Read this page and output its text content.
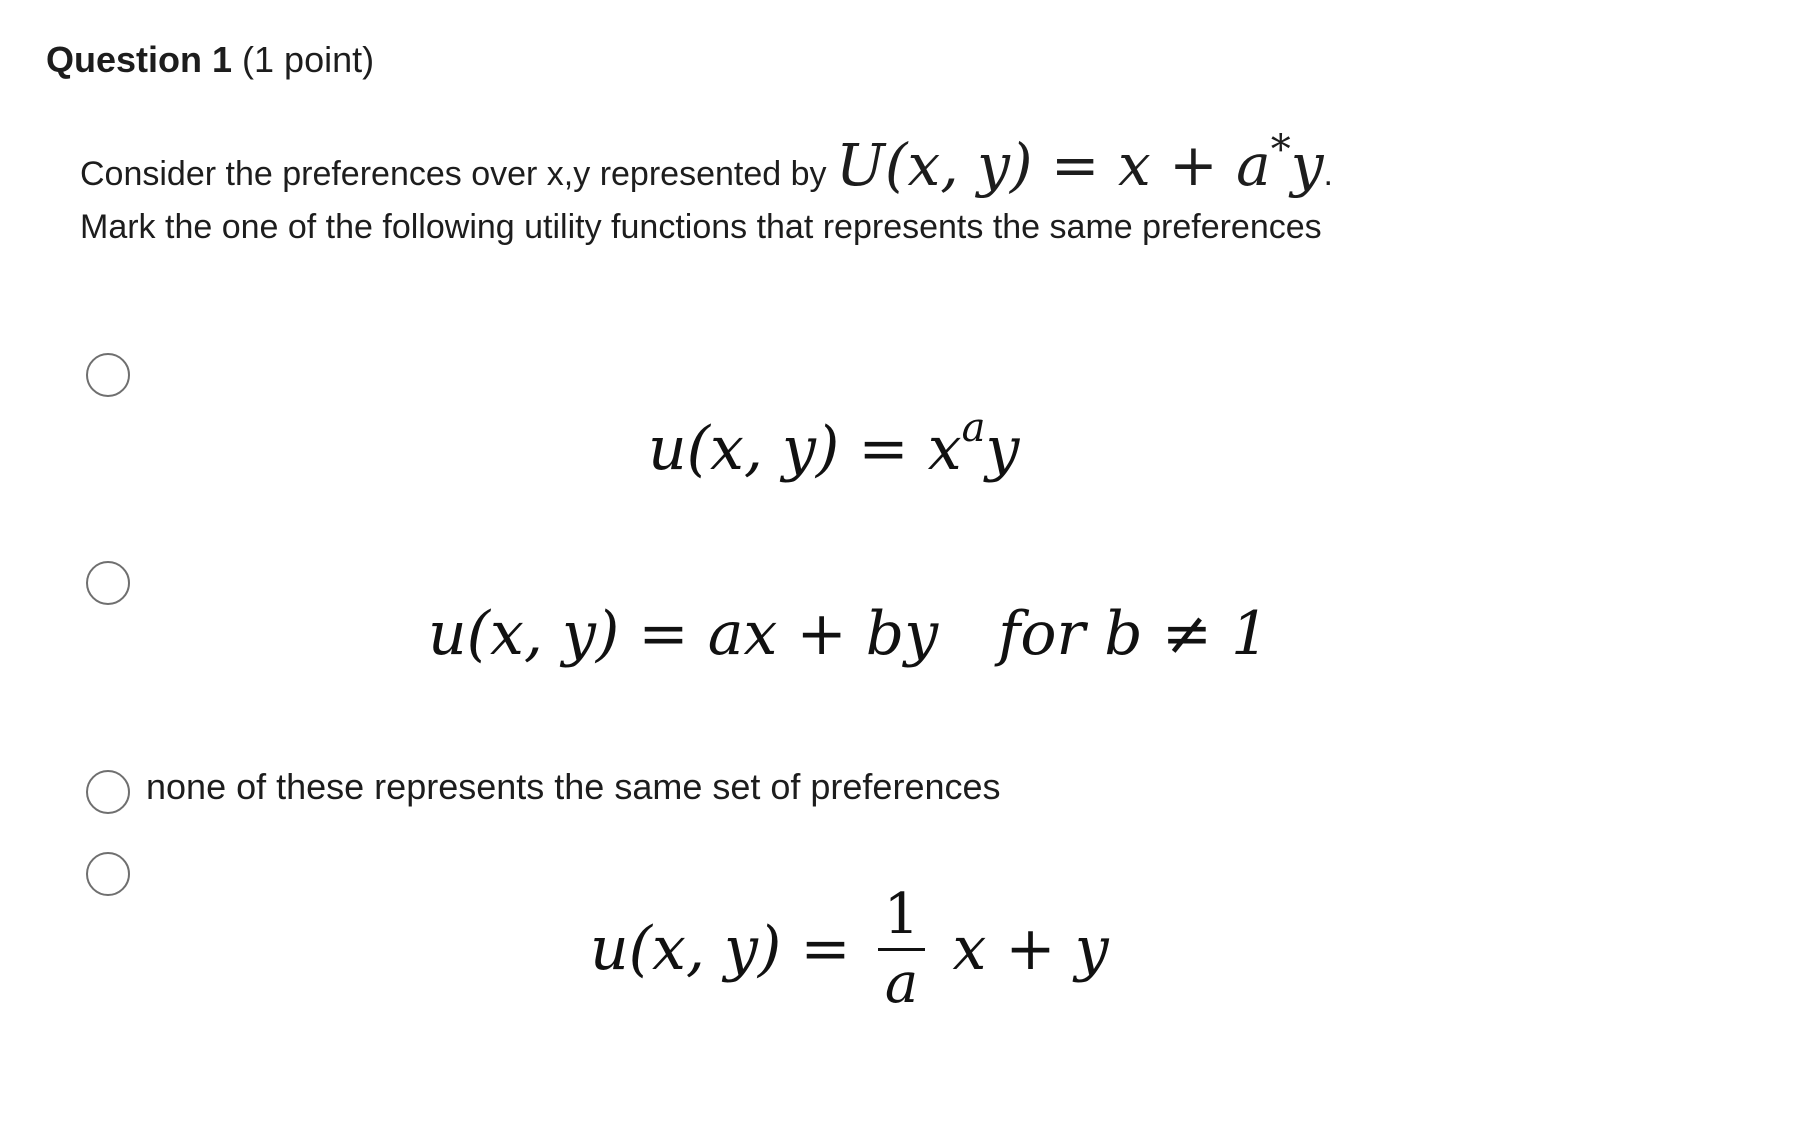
Question 1 (1 point)
Consider the preferences over x,y represented by U(x, y) = x + a*y.
Mark the one of the following utility functions that represents the same preferences
u(x, $y) = x^ay$
u(x, y) = ax + by for b ≠ 1
none of these represents the same set of preferences
u(x, $y) = \frac{1}{a}$ x + y
